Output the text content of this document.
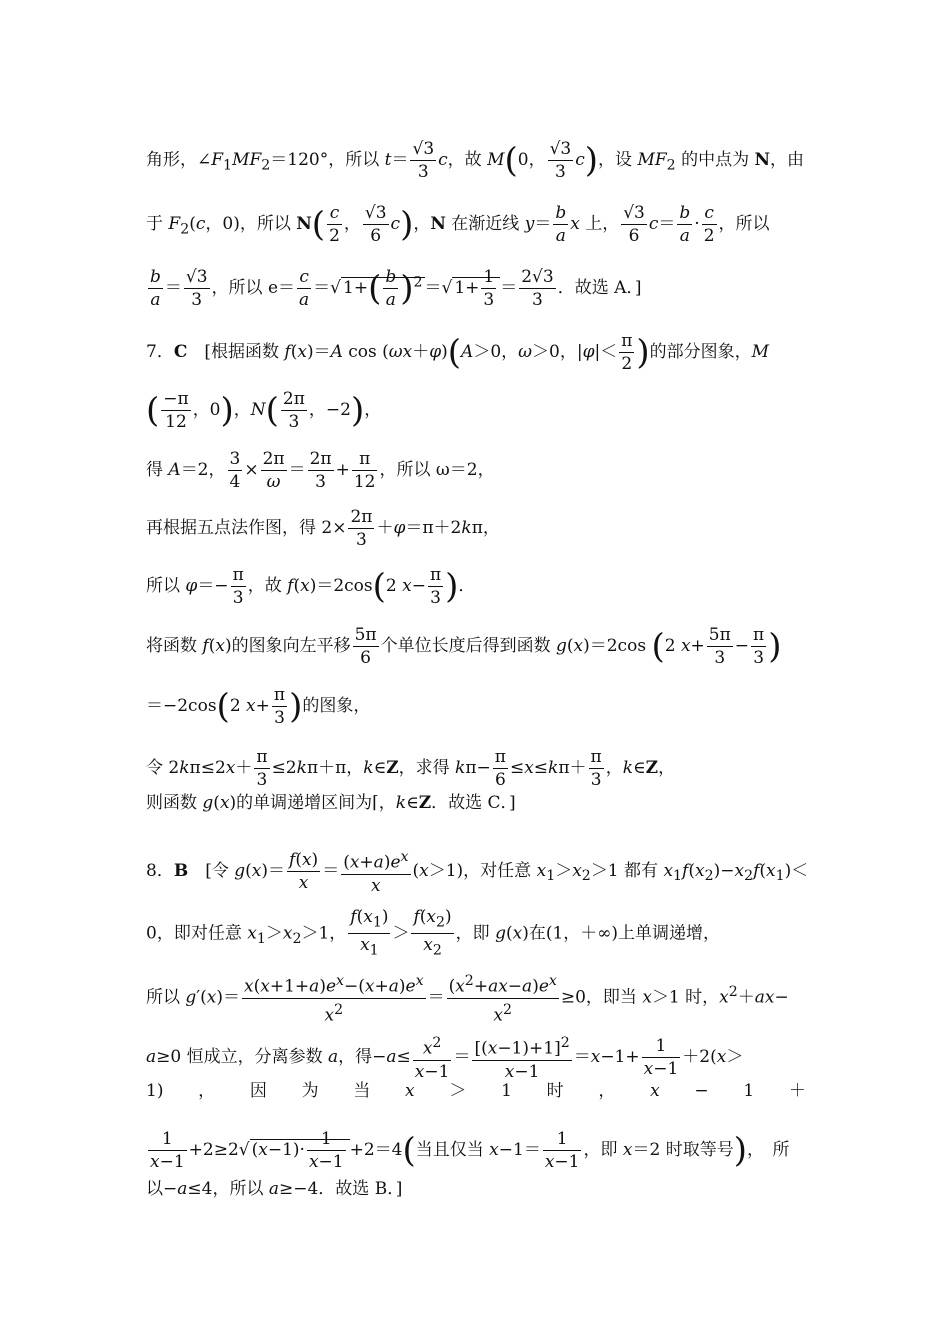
角形，$\angle F_1MF_2=120^\circ$，所以 $t= \frac{√3}{3}$ c，故 M(0， $\frac{√3}{3} c$)，设 $MF_2$ 的中点为 N，由
于 $F_2(c$，0)，所以 $N( \frac{c}{2}$ ， $\frac{√3}{6} c$)，N 在渐近线 $y= \frac{b}{a}$ x 上， $\frac{√3}{6} c= \frac{b}{a} \cdot \frac{c}{2}$ ，所以
$\frac{b}{a} = \frac{√3}{3}$ ，所以 $e= \frac{c}{a}$ ＝√ $1+( \frac{b}{a} )^2$ ＝√ $1+ \frac{1}{3} = \frac{2√3}{3}$ ．故选 A．]
7．C　[根据函数 f(x)＝A cos (ωx＋φ)(A＞0，ω＞0，$|\varphi|< \frac{\pi}{2}$ )的部分图象，M
( $\frac{-\pi}{12}$ ，0)，$N( \frac{2\pi}{3}$ ，−2)，
得 A＝2， $\frac{3}{4} \times \frac{2\pi}{\omega} = \frac{2\pi}{3} + \frac{\pi}{12}$ ，所以 ω＝2，
再根据五点法作图，得 $2\times \frac{2\pi}{3} +\varphi=\pi+2k\pi$，
所以 $\varphi=- \frac{\pi}{3}$ ，故 f(x)＝2cos(2 $x- \frac{\pi}{3}$ )．
将函数 f(x)的图象向左平移 $\frac{5\pi}{6}$ 个单位长度后得到函数 g(x)＝2cos (2 $x+ \frac{5\pi}{3} - \frac{\pi}{3}$ )
＝−2cos(2 $x+ \frac{\pi}{3}$ )的图象，
令 $2k\pi\le 2x+ \frac{\pi}{3} \le 2k\pi+\pi$，k∈Z，求得 $k\pi- \frac{\pi}{6} \le x\le k\pi+ \frac{\pi}{3}$ ，k∈Z，
则函数 g(x)的单调递增区间为⌈，k∈Z．故选 C．]
8．B　[令 $g(x)= \frac{f(x)}{x} = \frac{(x+a)e^x}{x} (x>1)$，对任意 $x_1>x_2>1$ 都有 $x_1f(x_2)-x_2f(x_1)<$
0，即对任意 $x_1>x_2>1$， $\frac{f(x_1)}{x_1} > \frac{f(x_2)}{x_2}$ ，即 g(x)在(1，＋∞)上单调递增，
所以 $g'(x)= \frac{x(x+1+a)e^x-(x+a)e^x}{x^2} = \frac{(x^2+ax-a)e^x}{x^2} \ge 0$，即当 x＞1 时，$x^2+ax-$
a≥0 恒成立，分离参数 a，得$-a\le \frac{x^2}{x-1} = \frac{[(x-1)+1]^2}{x-1} =x-1+ \frac{1}{x-1} +2(x>$
1) ， 因 为 当 x ＞ 1 时 ， x − 1 ＋
$\frac{1}{x-1} +2\ge 2√$ $(x-1)\cdot \frac{1}{x-1} +2=4$(当且仅当 $x-1= \frac{1}{x-1}$ ，即 x＝2 时取等号)，　所
以−a≤4，所以 a≥−4．故选 B．]
